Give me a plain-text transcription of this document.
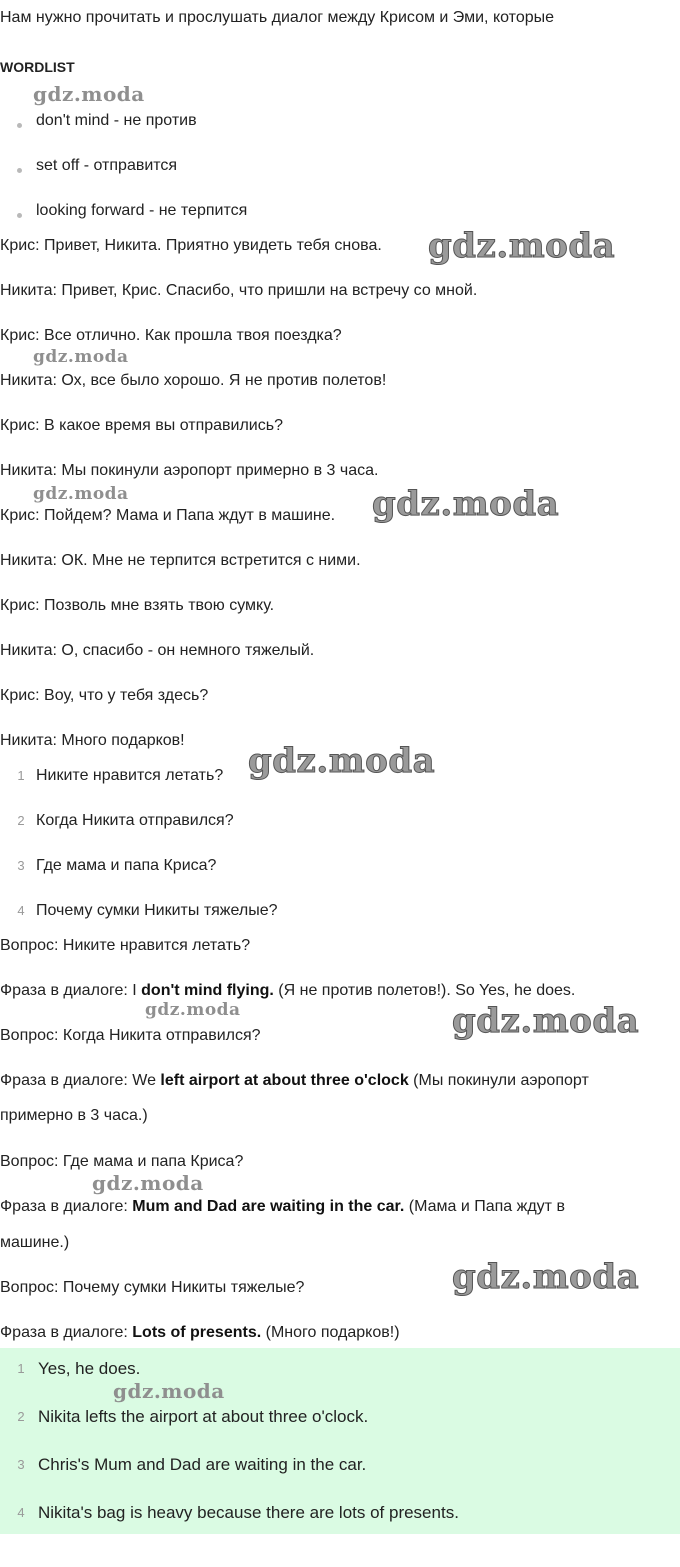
Нам нужно прочитать и прослушать диалог между Крисом и Эми, которые

WORDLIST
don't mind - не против
set off - отправится
looking forward - не терпится
Крис: Привет, Никита. Приятно увидеть тебя снова.
Никита: Привет, Крис. Спасибо, что пришли на встречу со мной.
Крис: Все отлично. Как прошла твоя поездка?
Никита: Ох, все было хорошо. Я не против полетов!
Крис: В какое время вы отправились?
Никита: Мы покинули аэропорт примерно в 3 часа.
Крис: Пойдем? Мама и Папа ждут в машине.
Никита: ОК. Мне не терпится встретится с ними.
Крис: Позволь мне взять твою сумку.
Никита: О, спасибо - он немного тяжелый.
Крис: Воу, что у тебя здесь?
Никита: Много подарков!
1 Никите нравится летать?
2 Когда Никита отправился?
3 Где мама и папа Криса?
4 Почему сумки Никиты тяжелые?
Вопрос: Никите нравится летать?
Фраза в диалоге: I don't mind flying. (Я не против полетов!). So Yes, he does.
Вопрос: Когда Никита отправился?
Фраза в диалоге: We left airport at about three o'clock (Мы покинули аэропорт
примерно в 3 часа.)
Вопрос: Где мама и папа Криса?
Фраза в диалоге: Mum and Dad are waiting in the car. (Мама и Папа ждут в
машине.)
Вопрос: Почему сумки Никиты тяжелые?
Фраза в диалоге: Lots of presents. (Много подарков!)
1 Yes, he does.
2 Nikita lefts the airport at about three o'clock.
3 Chris's Mum and Dad are waiting in the car.
4 Nikita's bag is heavy because there are lots of presents.
gdz.moda
gdz.moda
gdz.moda
gdz.moda	gdz.moda
gdz.moda
gdz.moda	gdz.moda
gdz.moda
gdz.moda
gdz.moda
